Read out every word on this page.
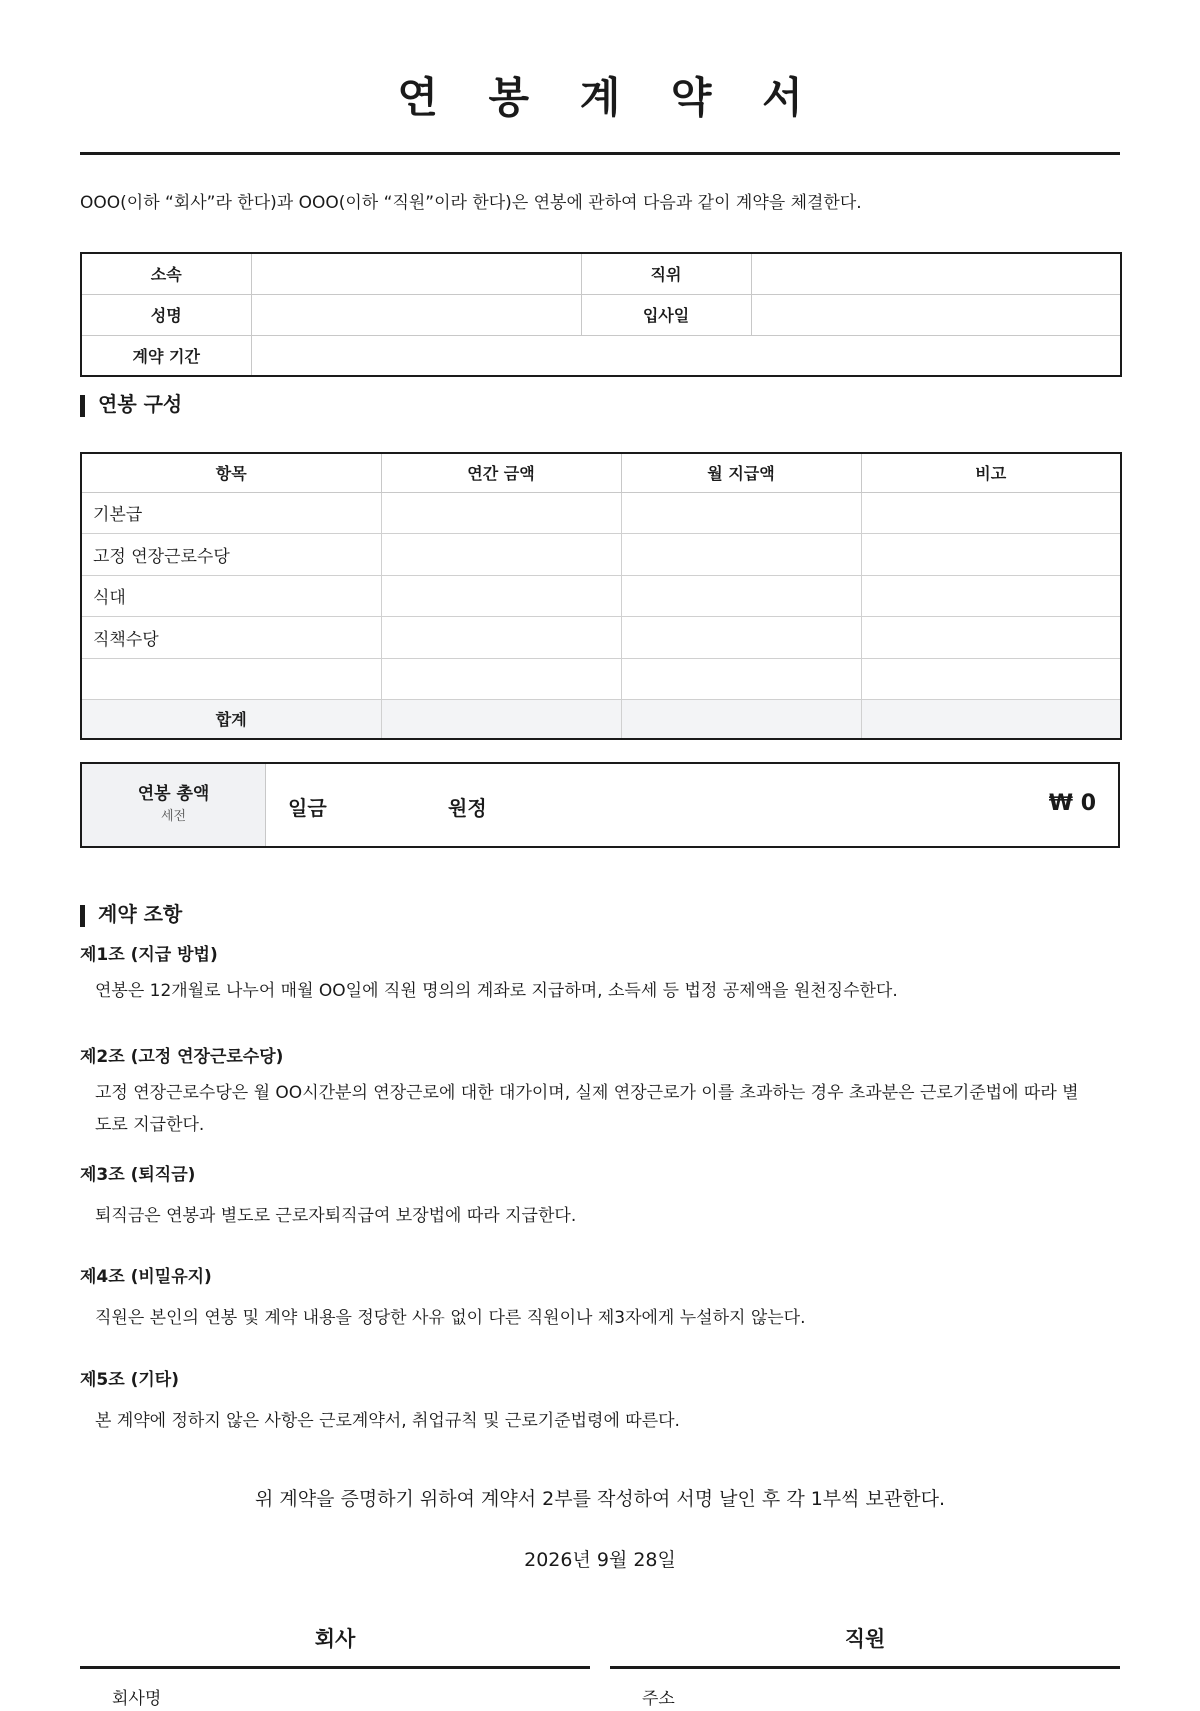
연 봉 계 약 서

OOO(이하 “회사”라 한다)과 OOO(이하 “직원”이라 한다)은 연봉에 관하여 다음과 같이 계약을 체결한다.

소속		직위	
성명		입사일	
계약 기간			
연봉 구성
항목	연간 금액	월 지급액	비고
기본급			
고정 연장근로수당			
식대			
직책수당			

합계			
연봉 총액
세전	일금	원정	₩ 0
계약 조항
제1조 (지급 방법)

연봉은 12개월로 나누어 매월 OO일에 직원 명의의 계좌로 지급하며, 소득세 등 법정 공제액을 원천징수한다.

제2조 (고정 연장근로수당)

고정 연장근로수당은 월 OO시간분의 연장근로에 대한 대가이며, 실제 연장근로가 이를 초과하는 경우 초과분은 근로기준법에 따라 별도로 지급한다.

제3조 (퇴직금)

퇴직금은 연봉과 별도로 근로자퇴직급여 보장법에 따라 지급한다.

제4조 (비밀유지)

직원은 본인의 연봉 및 계약 내용을 정당한 사유 없이 다른 직원이나 제3자에게 누설하지 않는다.

제5조 (기타)

본 계약에 정하지 않은 사항은 근로계약서, 취업규칙 및 근로기준법령에 따른다.

위 계약을 증명하기 위하여 계약서 2부를 작성하여 서명 날인 후 각 1부씩 보관한다.

2026년 9월 28일

회사
회사명
직원
주소
